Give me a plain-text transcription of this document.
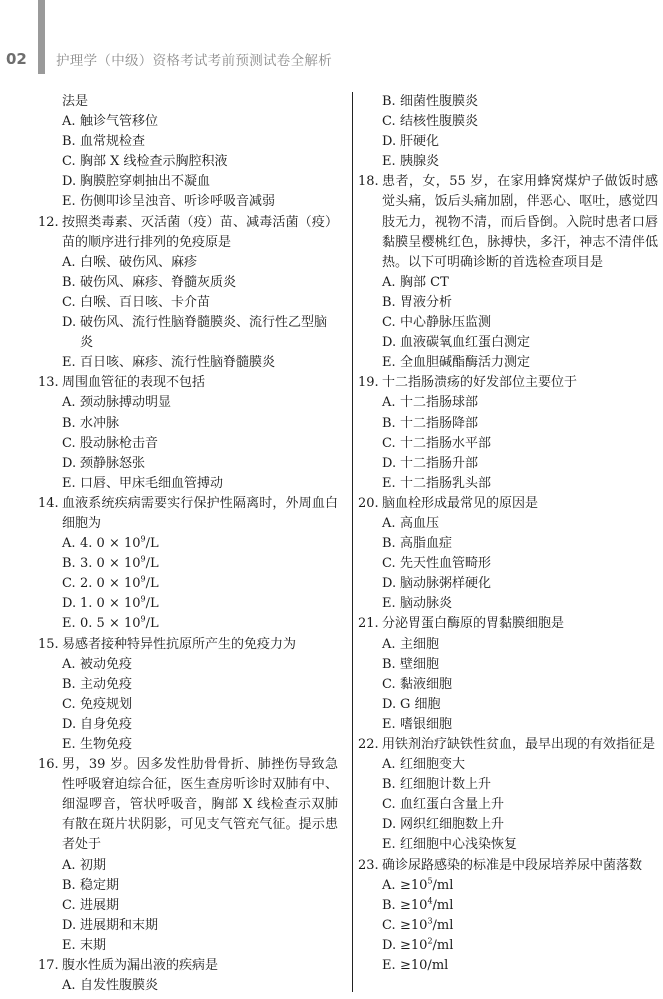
02	护理学（中级）资格考试考前预测试卷全解析
法是
A. 触诊气管移位
B. 血常规检查
C. 胸部 X 线检查示胸腔积液
D. 胸膜腔穿刺抽出不凝血
E. 伤侧叩诊呈浊音、听诊呼吸音减弱
12. 按照类毒素、灭活菌（疫）苗、减毒活菌（疫）苗的顺序进行排列的免疫原是
A. 白喉、破伤风、麻疹
B. 破伤风、麻疹、脊髓灰质炎
C. 白喉、百日咳、卡介苗
D. 破伤风、流行性脑脊髓膜炎、流行性乙型脑炎
E. 百日咳、麻疹、流行性脑脊髓膜炎
13. 周围血管征的表现不包括
A. 颈动脉搏动明显
B. 水冲脉
C. 股动脉枪击音
D. 颈静脉怒张
E. 口唇、甲床毛细血管搏动
14. 血液系统疾病需要实行保护性隔离时，外周血白细胞为
A. 4. $0 \times 10^9/L$
B. 3. $0 \times 10^9/L$
C. 2. $0 \times 10^9/L$
D. 1. $0 \times 10^9/L$
E. 0. $5 \times 10^9/L$
15. 易感者接种特异性抗原所产生的免疫力为
A. 被动免疫
B. 主动免疫
C. 免疫规划
D. 自身免疫
E. 生物免疫
16. 男，39 岁。因多发性肋骨骨折、肺挫伤导致急性呼吸窘迫综合征，医生查房听诊时双肺有中、细湿啰音，管状呼吸音，胸部 X 线检查示双肺有散在斑片状阴影，可见支气管充气征。提示患者处于
A. 初期
B. 稳定期
C. 进展期
D. 进展期和末期
E. 末期
17. 腹水性质为漏出液的疾病是
A. 自发性腹膜炎
B. 细菌性腹膜炎
C. 结核性腹膜炎
D. 肝硬化
E. 胰腺炎
18. 患者，女，55 岁，在家用蜂窝煤炉子做饭时感觉头痛，饭后头痛加剧，伴恶心、呕吐，感觉四肢无力，视物不清，而后昏倒。入院时患者口唇黏膜呈樱桃红色，脉搏快，多汗，神志不清伴低热。以下可明确诊断的首选检查项目是
A. 胸部 CT
B. 胃液分析
C. 中心静脉压监测
D. 血液碳氧血红蛋白测定
E. 全血胆碱酯酶活力测定
19. 十二指肠溃疡的好发部位主要位于
A. 十二指肠球部
B. 十二指肠降部
C. 十二指肠水平部
D. 十二指肠升部
E. 十二指肠乳头部
20. 脑血栓形成最常见的原因是
A. 高血压
B. 高脂血症
C. 先天性血管畸形
D. 脑动脉粥样硬化
E. 脑动脉炎
21. 分泌胃蛋白酶原的胃黏膜细胞是
A. 主细胞
B. 壁细胞
C. 黏液细胞
D. G 细胞
E. 嗜银细胞
22. 用铁剂治疗缺铁性贫血，最早出现的有效指征是
A. 红细胞变大
B. 红细胞计数上升
C. 血红蛋白含量上升
D. 网织红细胞数上升
E. 红细胞中心浅染恢复
23. 确诊尿路感染的标准是中段尿培养尿中菌落数
A. $\ge 10^5/ml$
B. $\ge 10^4/ml$
C. $\ge 10^3/ml$
D. $\ge 10^2/ml$
E. ≥10/ml
